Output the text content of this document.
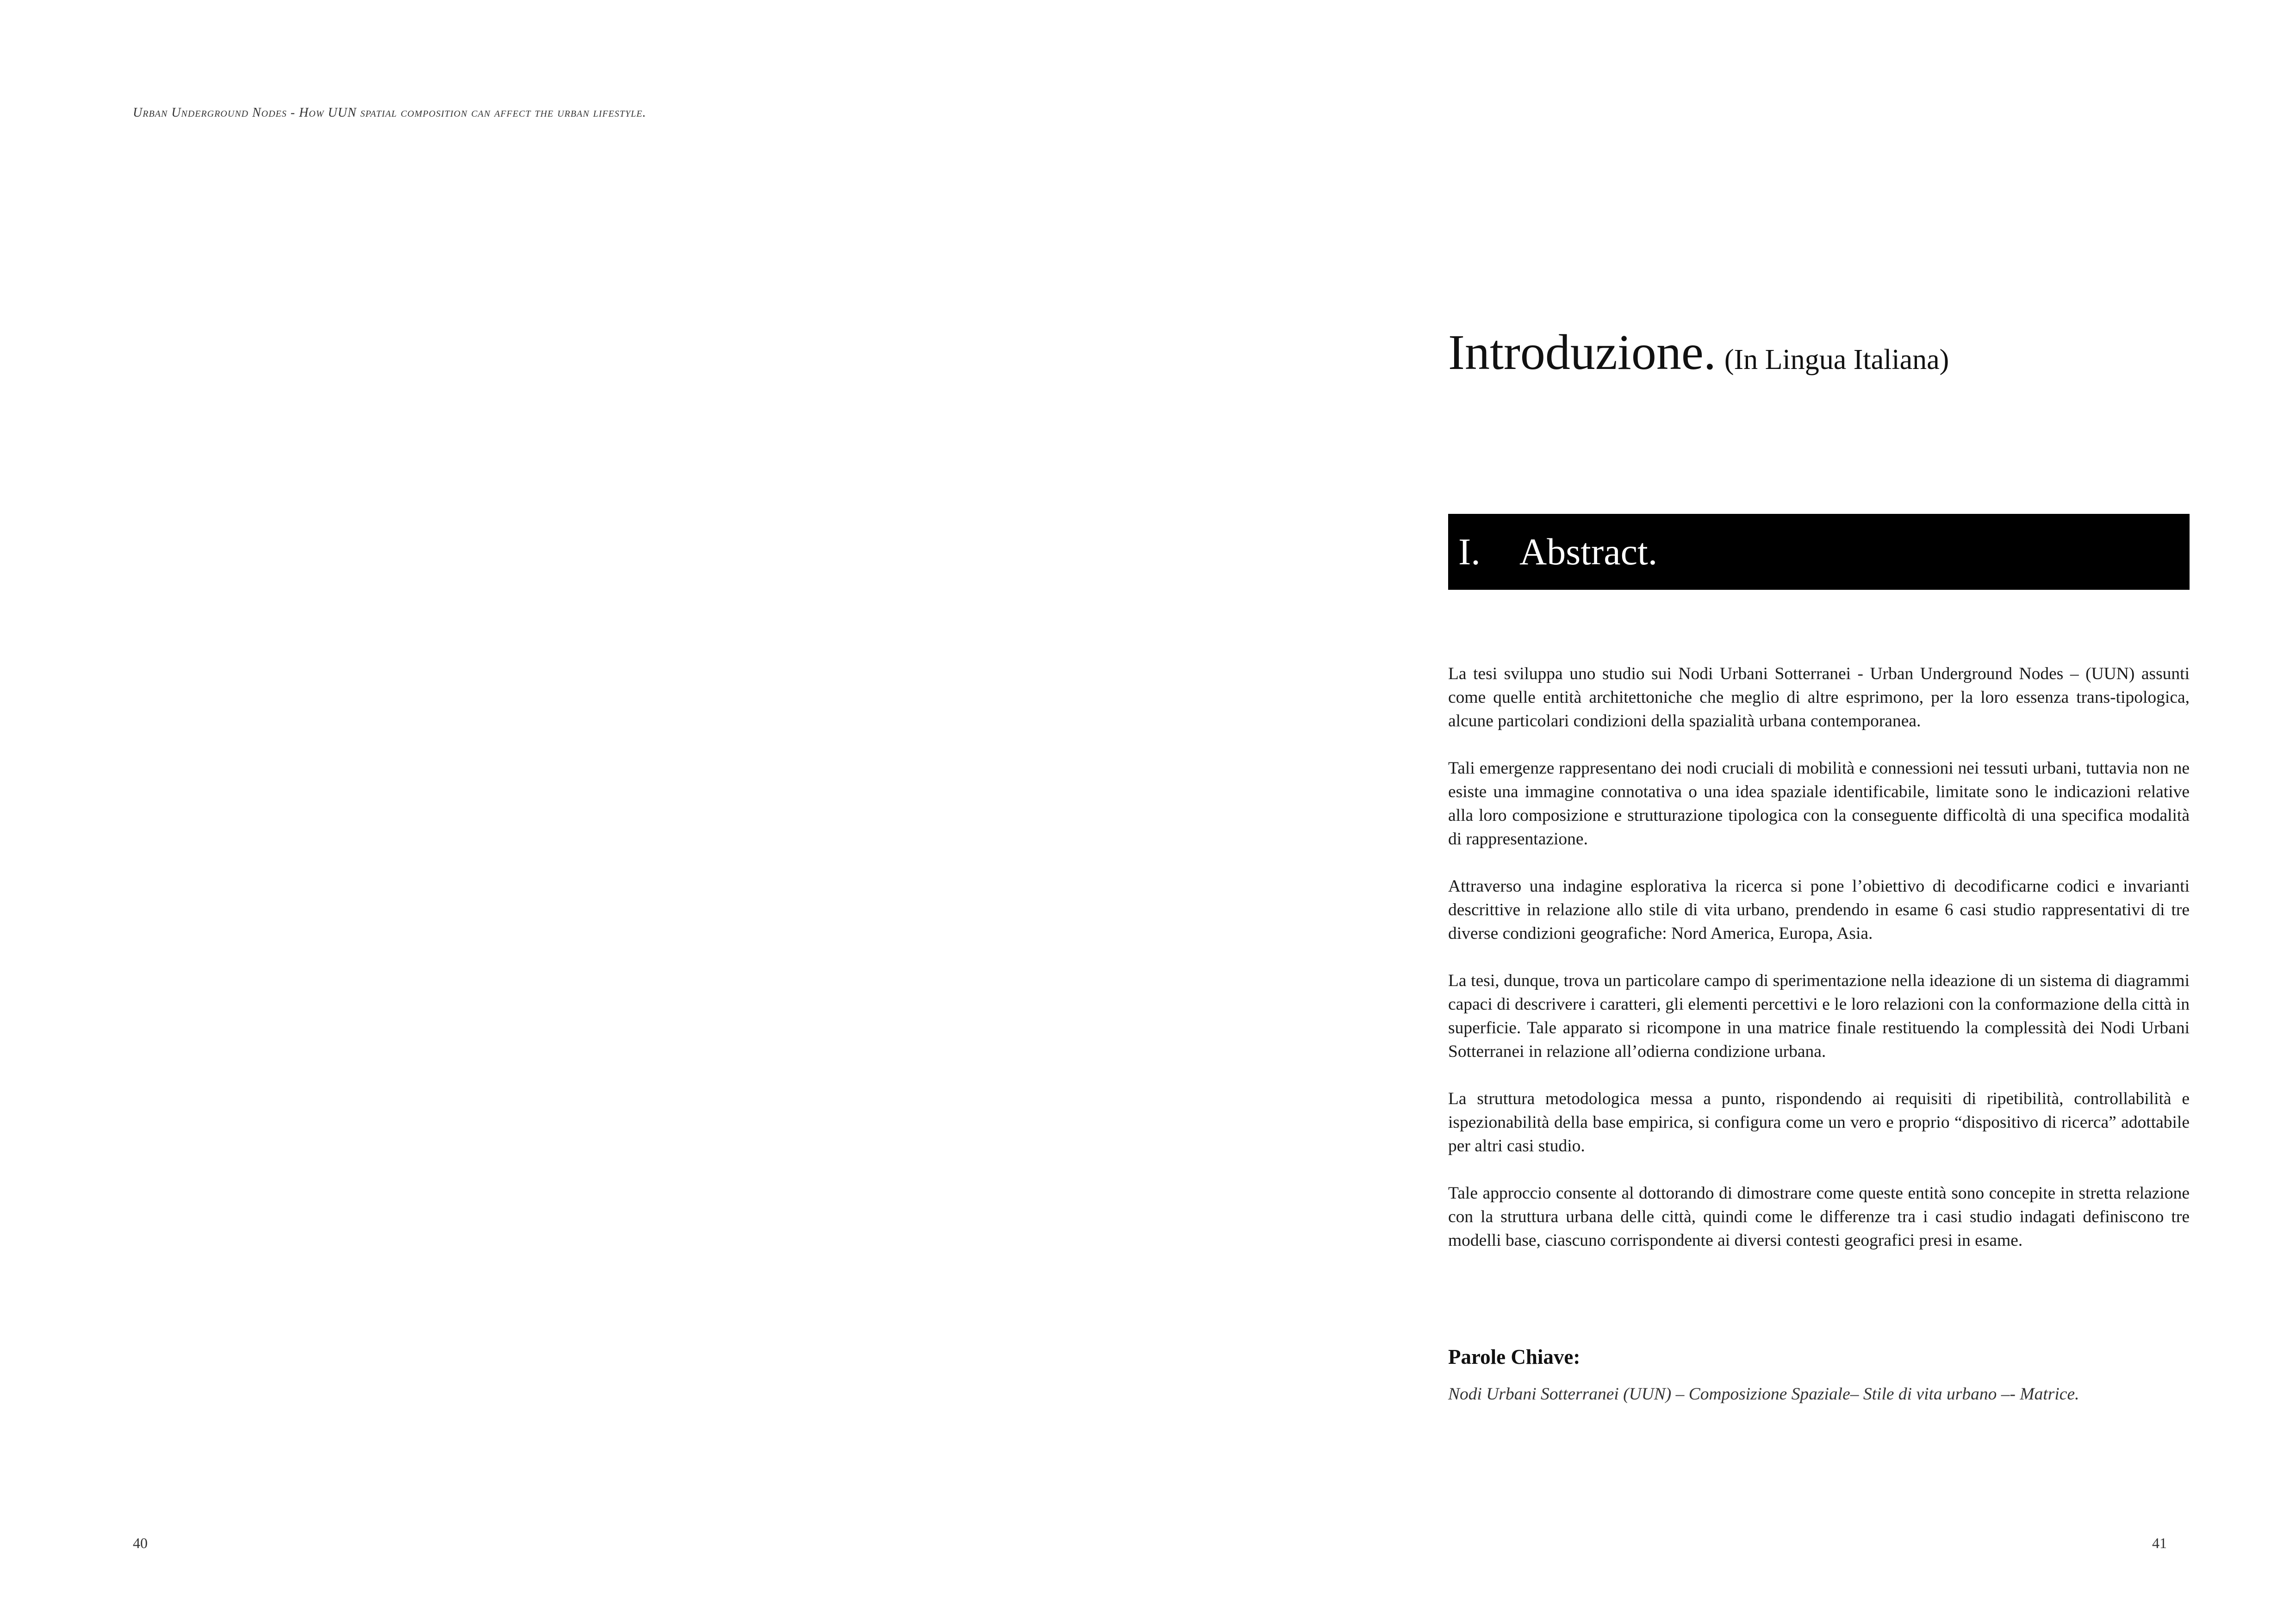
Urban Underground Nodes - How UUN spatial composition can affect the urban lifestyle.
40	41
Introduzione. (In Lingua Italiana)
I.	Abstract.

La tesi sviluppa uno studio sui Nodi Urbani Sotterranei - Urban Underground Nodes – (UUN) assunti come quelle entità architettoniche che meglio di altre esprimono, per la loro essenza trans-tipologica, alcune particolari condizioni della spazialità urbana contemporanea.

Tali emergenze rappresentano dei nodi cruciali di mobilità e connessioni nei tessuti urbani, tuttavia non ne esiste una immagine connotativa o una idea spaziale identificabile, limitate sono le indicazioni relative alla loro composizione e strutturazione tipologica con la conseguente difficoltà di una specifica modalità di rappresentazione.

Attraverso una indagine esplorativa la ricerca si pone l’obiettivo di decodificarne codici e invarianti descrittive in relazione allo stile di vita urbano, prendendo in esame 6 casi studio rappresentativi di tre diverse condizioni geografiche: Nord America, Europa, Asia.

La tesi, dunque, trova un particolare campo di sperimentazione nella ideazione di un sistema di diagrammi capaci di descrivere i caratteri, gli elementi percettivi e le loro relazioni con la conformazione della città in superficie. Tale apparato si ricompone in una matrice finale restituendo la complessità dei Nodi Urbani Sotterranei in relazione all’odierna condizione urbana.

La struttura metodologica messa a punto, rispondendo ai requisiti di ripetibilità, controllabilità e ispezionabilità della base empirica, si configura come un vero e proprio “dispositivo di ricerca” adottabile per altri casi studio.

Tale approccio consente al dottorando di dimostrare come queste entità sono concepite in stretta relazione con la struttura urbana delle città, quindi come le differenze tra i casi studio indagati definiscono tre modelli base, ciascuno corrispondente ai diversi contesti geografici presi in esame.

Parole Chiave:
Nodi Urbani Sotterranei (UUN) – Composizione Spaziale– Stile di vita urbano –- Matrice.
